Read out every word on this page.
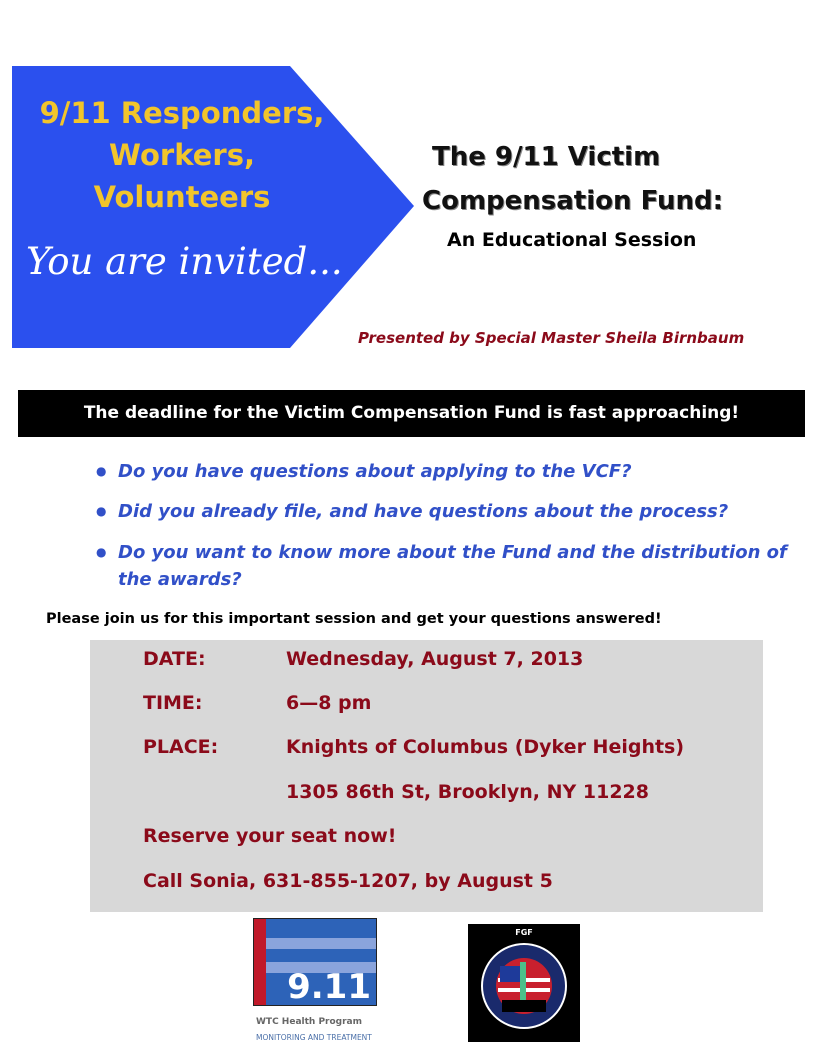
9/11 Responders,
Workers,
Volunteers
You are invited...
The 9/11 Victim
Compensation Fund:
An Educational Session
Presented by Special Master Sheila Birnbaum
The deadline for the Victim Compensation Fund is fast approaching!
● Do you have questions about applying to the VCF?
● Did you already file, and have questions about the process?
● Do you want to know more about the Fund and the distribution of the awards?
Please join us for this important session and get your questions answered!
DATE:	Wednesday, August 7, 2013
TIME:	6—8 pm
PLACE:	Knights of Columbus (Dyker Heights)
1305 86th St, Brooklyn, NY 11228
Reserve your seat now!
Call Sonia, 631-855-1207, by August 5
9.11
WTC Health Program
MONITORING AND TREATMENT
FGF
